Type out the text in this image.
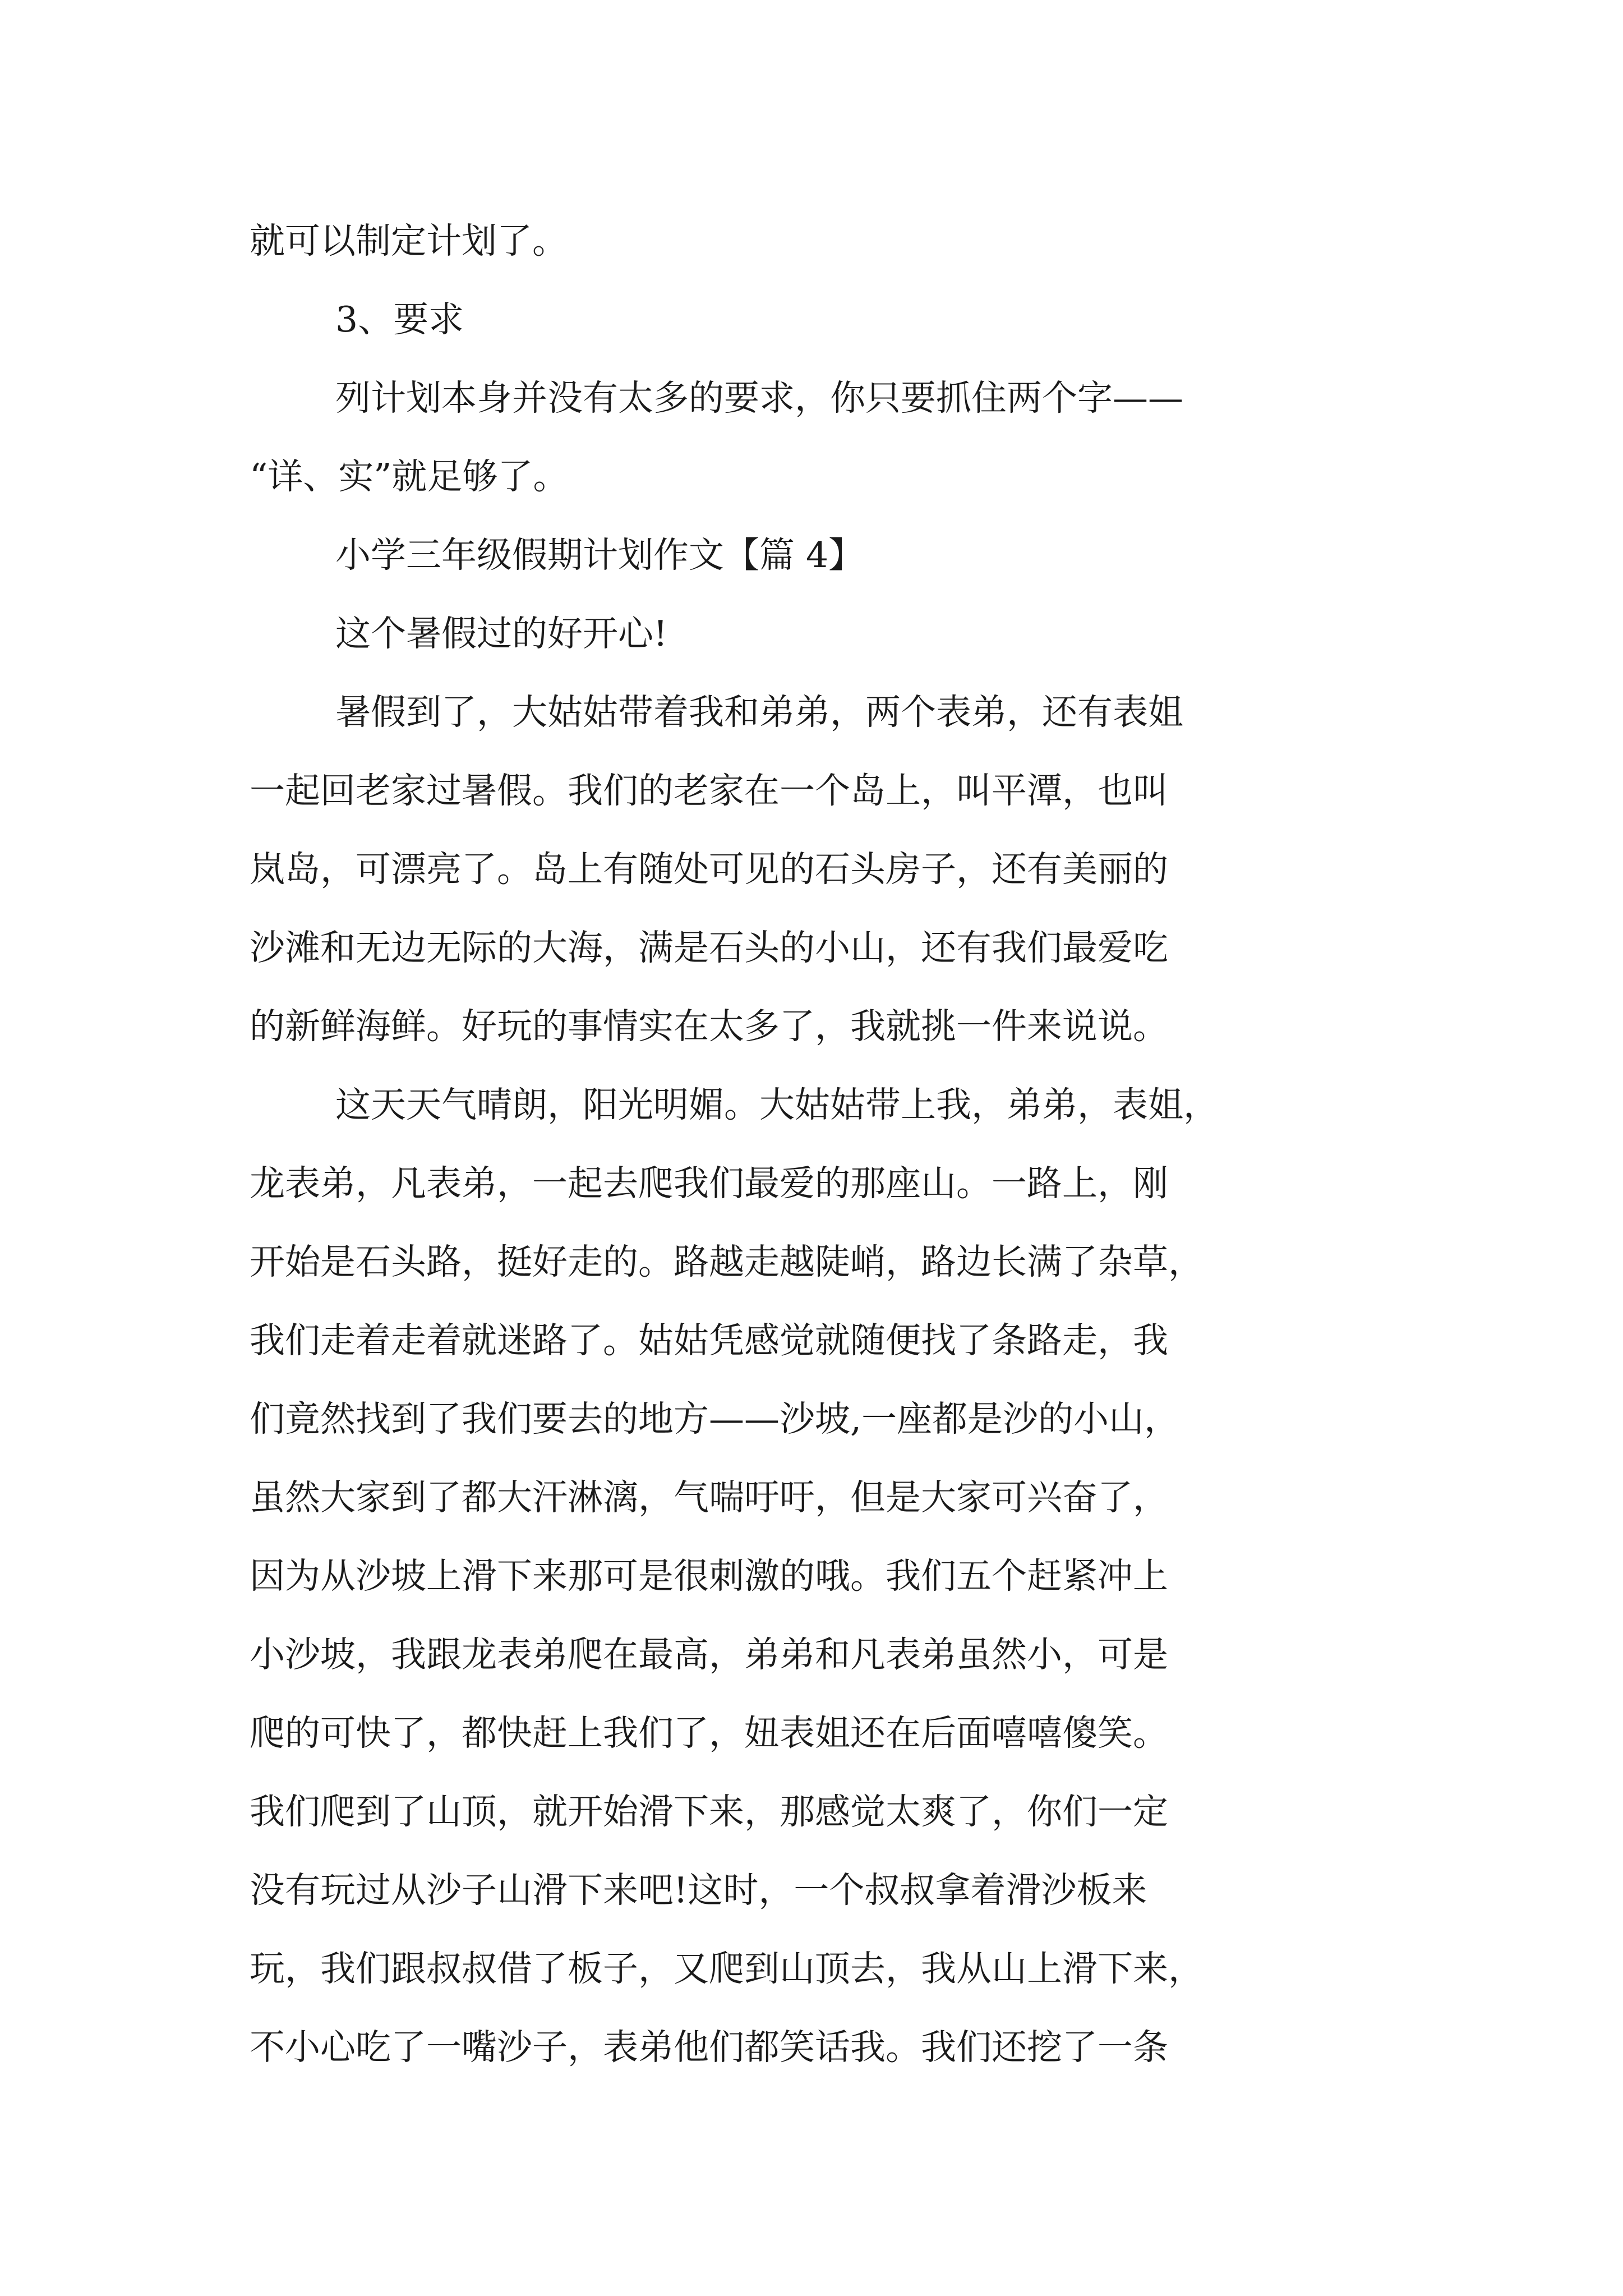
就可以制定计划了。
3、要求
列计划本身并没有太多的要求，你只要抓住两个字——
“详、实”就足够了。
小学三年级假期计划作文【篇 4】
这个暑假过的好开心!
暑假到了，大姑姑带着我和弟弟，两个表弟，还有表姐
一起回老家过暑假。我们的老家在一个岛上，叫平潭，也叫
岚岛，可漂亮了。岛上有随处可见的石头房子，还有美丽的
沙滩和无边无际的大海，满是石头的小山，还有我们最爱吃
的新鲜海鲜。好玩的事情实在太多了，我就挑一件来说说。
这天天气晴朗，阳光明媚。大姑姑带上我，弟弟，表姐，
龙表弟，凡表弟，一起去爬我们最爱的那座山。一路上，刚
开始是石头路，挺好走的。路越走越陡峭，路边长满了杂草，
我们走着走着就迷路了。姑姑凭感觉就随便找了条路走，我
们竟然找到了我们要去的地方——沙坡,一座都是沙的小山，
虽然大家到了都大汗淋漓，气喘吁吁，但是大家可兴奋了，
因为从沙坡上滑下来那可是很刺激的哦。我们五个赶紧冲上
小沙坡，我跟龙表弟爬在最高，弟弟和凡表弟虽然小，可是
爬的可快了，都快赶上我们了，妞表姐还在后面嘻嘻傻笑。
我们爬到了山顶，就开始滑下来，那感觉太爽了，你们一定
没有玩过从沙子山滑下来吧!这时，一个叔叔拿着滑沙板来
玩，我们跟叔叔借了板子，又爬到山顶去，我从山上滑下来，
不小心吃了一嘴沙子，表弟他们都笑话我。我们还挖了一条
